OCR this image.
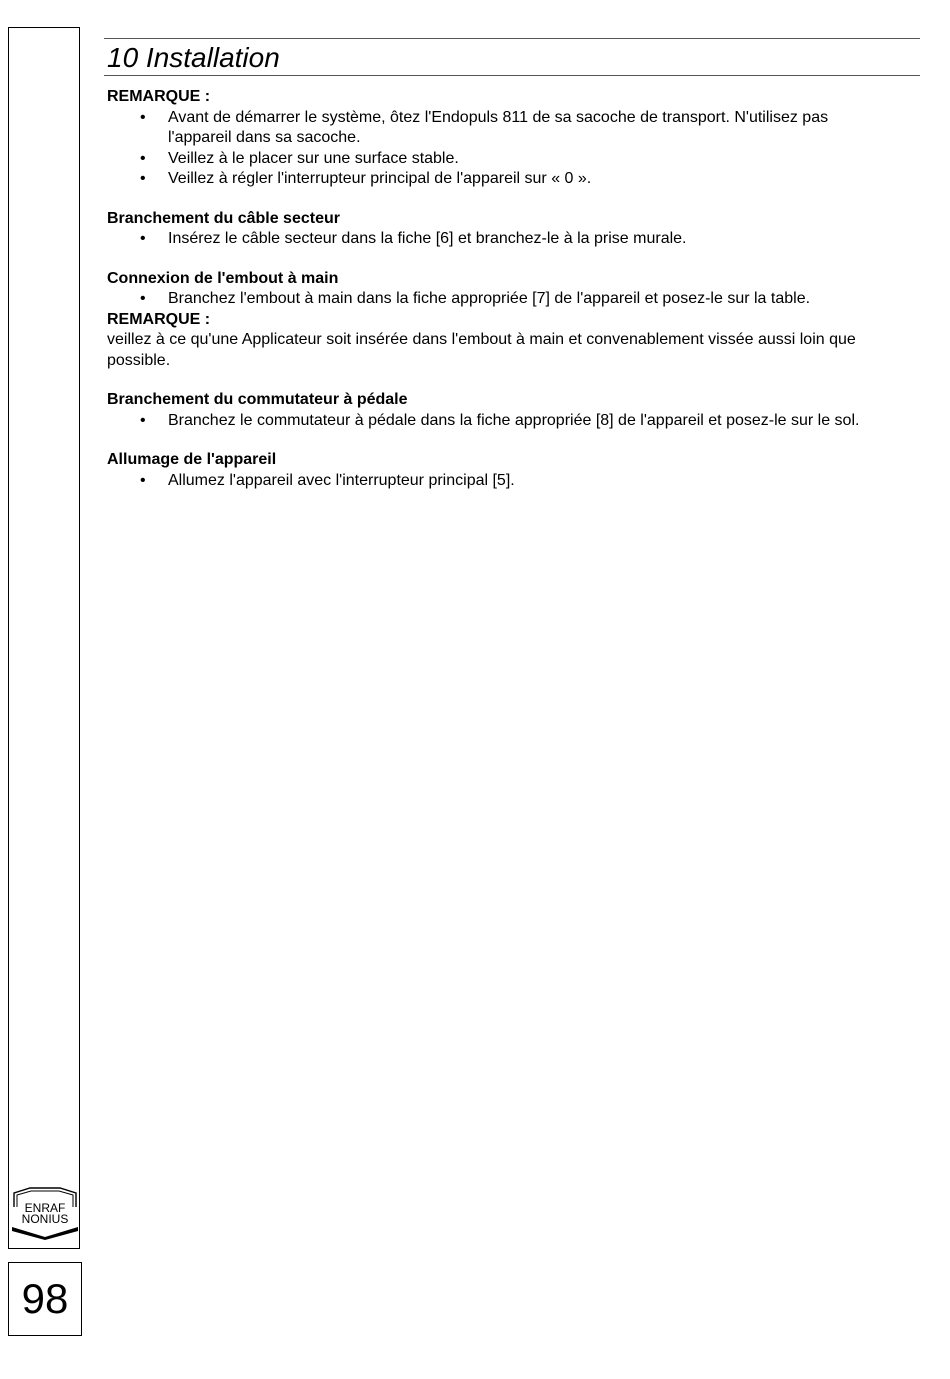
ENRAF
NONIUS
98
10 Installation

REMARQUE :

• Avant de démarrer le système, ôtez l'Endopuls 811 de sa sacoche de transport. N'utilisez pas l'appareil dans sa sacoche.
• Veillez à le placer sur une surface stable.
• Veillez à régler l'interrupteur principal de l'appareil sur « 0 ».

Branchement du câble secteur

• Insérez le câble secteur dans la fiche [6] et branchez-le à la prise murale.

Connexion de l'embout à main

• Branchez l'embout à main dans la fiche appropriée [7] de l'appareil et posez-le sur la table.

REMARQUE :

veillez à ce qu'une Applicateur soit insérée dans l'embout à main et convenablement vissée aussi loin que possible.

Branchement du commutateur à pédale

• Branchez le commutateur à pédale dans la fiche appropriée [8] de l'appareil et posez-le sur le sol.

Allumage de l'appareil

• Allumez l'appareil avec l'interrupteur principal [5].
